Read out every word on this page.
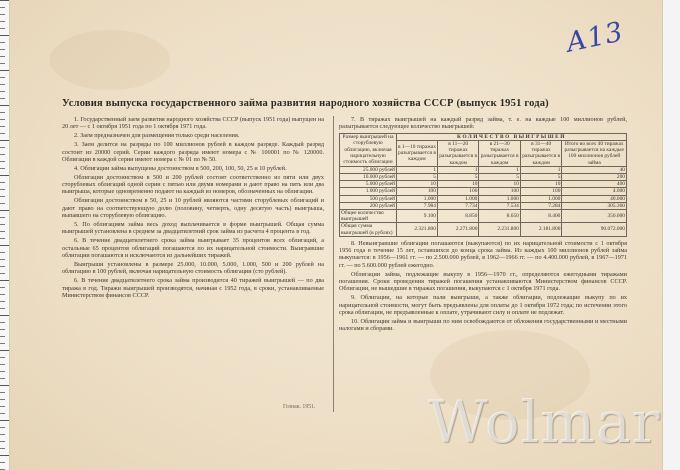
А13
Условия выпуска государственного займа развития народного хозяйства СССР (выпуск 1951 года)

1. Государственный заем развития народного хозяйства СССР (выпуск 1951 года) выпущен на 20 лет — с 1 октября 1951 года по 1 октября 1971 года.

2. Заем предназначен для размещения только среди населения.

3. Заем делится на разряды по 100 миллионов рублей в каждом разряде. Каждый разряд состоит из 20000 серий. Серии каждого разряда имеют номера с № 100001 по № 120000. Облигации в каждой серии имеют номера с № 01 по № 50.

4. Облигации займа выпущены достоинством в 500, 200, 100, 50, 25 и 10 рублей.

Облигации достоинством в 500 и 200 рублей состоят соответственно из пяти или двух сторублевых облигаций одной серии с пятью или двумя номерами и дают право на пять или два выигрыша, которые одновременно подают на каждый из номеров, обозначенных на облигации.

Облигации достоинством в 50, 25 и 10 рублей являются частями сторублевых облигаций и дают право на соответствующую долю (половину, четверть, одну десятую часть) выигрыша, выпавшего на сторублевую облигацию.

5. По облигациям займа весь доход выплачивается в форме выигрышей. Общая сумма выигрышей установлена в среднем за двадцатилетний срок займа из расчета 4 процента в год.

6. В течение двадцатилетнего срока займа выигрывает 35 процентов всех облигаций, а остальные 65 процентов облигаций погашаются по их нарицательной стоимости. Выигравшие облигации погашаются и исключаются из дальнейших тиражей.

Выигрыши установлены в размере 25.000, 10.000, 5.000, 1.000, 500 и 200 рублей на облигацию в 100 рублей, включая нарицательную стоимость облигации (сто рублей).

6. В течение двадцатилетнего срока займа производится 40 тиражей выигрышей — по два тиража в год. Тиражи выигрышей производятся, начиная с 1952 года, в сроки, устанавливаемые Министерством финансов СССР.

7. В тиражах выигрышей на каждый разряд займа, т. е. на каждые 100 миллионов рублей, разыгрывается следующее количество выигрышей:

Размер выигрышей на сторублевую облигацию, включая нарицательную стоимость облигации	КОЛИЧЕСТВО ВЫИГРЫШЕЙ				
	в 1—10 тиражах разыгрывается в каждом	в 11—20 тиражах разыгрывается в каждом	в 21—30 тиражах разыгрывается в каждом	в 31—40 тиражах разыгрывается в каждом	Итого во всех 40 тиражах разыгрывается на каждые 100 миллионов рублей займа
25.000 рублей	1	1	1	1	40
10.000 рублей	5	5	5	5	200
5.000 рублей	10	10	10	10	400
1.000 рублей	100	100	100	100	4.000
500 рублей	1.000	1.000	1.000	1.000	40.000
200 рублей	7.984	7.734	7.534	7.284	305.360
Общее количество выигрышей	9.100	8.850	8.650	8.400	350.000
Общая сумма выигрышей (в рублях)	2.321.800	2.271.800	2.231.800	2.181.800	90.072.000

8. Невыигравшие облигации погашаются (выкупаются) по их нарицательной стоимости с 1 октября 1956 года в течение 15 лет, оставшихся до конца срока займа. Из каждых 100 миллионов рублей займа выкупается: в 1956—1961 гг. — по 2.500.000 рублей, в 1962—1966 гг. — по 4.400.000 рублей, в 1967—1971 гг. — по 5.600.000 рублей ежегодно.

Облигации займа, подлежащие выкупу в 1956—1970 гг., определяются ежегодными тиражами погашения. Сроки проведения тиражей погашения устанавливаются Министерством финансов СССР. Облигации, не вышедшие в тиражах погашения, выкупаются с 1 октября 1971 года.

9. Облигации, на которые пали выигрыши, а также облигации, подлежащие выкупу по их нарицательной стоимости, могут быть предъявлены для оплаты до 1 октября 1972 года; по истечении этого срока облигации, не предъявленные к оплате, утрачивают силу и оплате не подлежат.

10. Облигации займа и выигрыши по ним освобождаются от обложения государственными и местными налогами и сборами.

Гознак. 1951. Wolmar
